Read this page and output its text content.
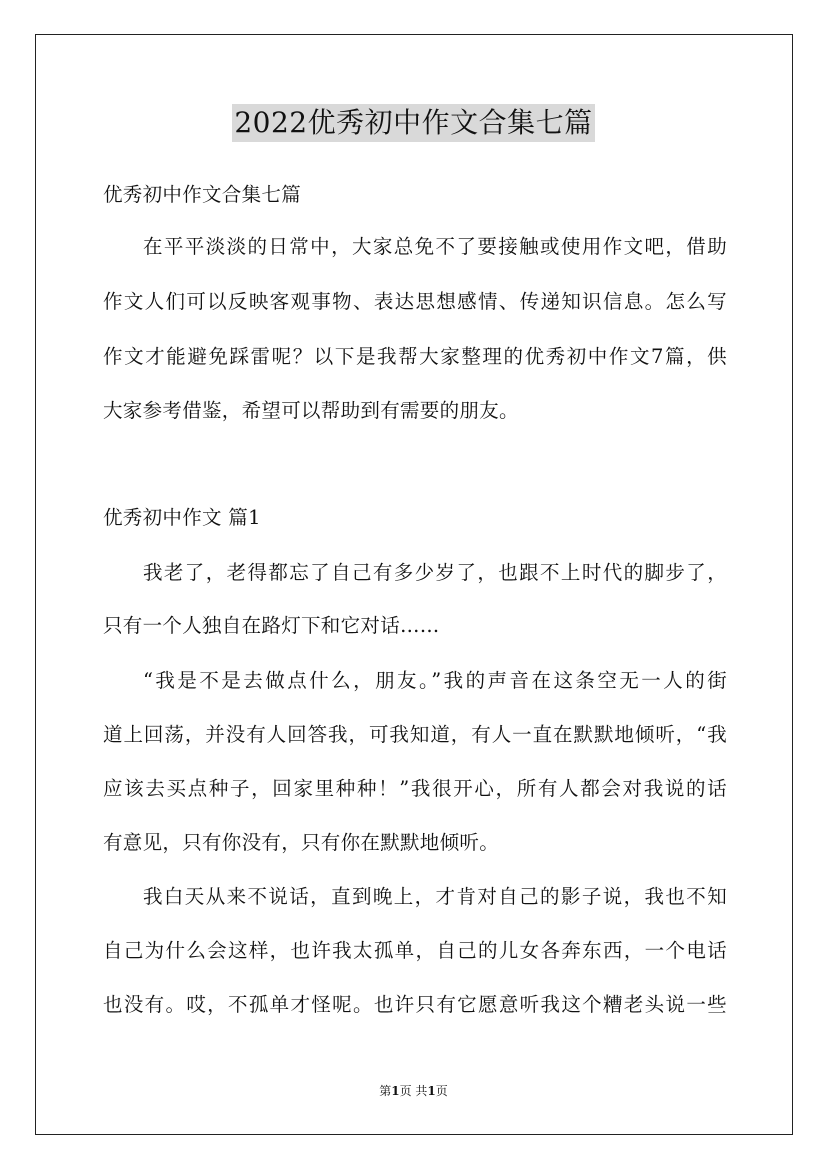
2022优秀初中作文合集七篇
优秀初中作文合集七篇
在平平淡淡的日常中，大家总免不了要接触或使用作文吧，借助
作文人们可以反映客观事物、表达思想感情、传递知识信息。怎么写
作文才能避免踩雷呢？以下是我帮大家整理的优秀初中作文7篇，供
大家参考借鉴，希望可以帮助到有需要的朋友。
优秀初中作文 篇1
我老了，老得都忘了自己有多少岁了，也跟不上时代的脚步了，
只有一个人独自在路灯下和它对话……
“我是不是去做点什么，朋友。”我的声音在这条空无一人的街
道上回荡，并没有人回答我，可我知道，有人一直在默默地倾听，“我
应该去买点种子，回家里种种！”我很开心，所有人都会对我说的话
有意见，只有你没有，只有你在默默地倾听。
我白天从来不说话，直到晚上，才肯对自己的影子说，我也不知
自己为什么会这样，也许我太孤单，自己的儿女各奔东西，一个电话
也没有。哎，不孤单才怪呢。也许只有它愿意听我这个糟老头说一些
第1页 共1页
